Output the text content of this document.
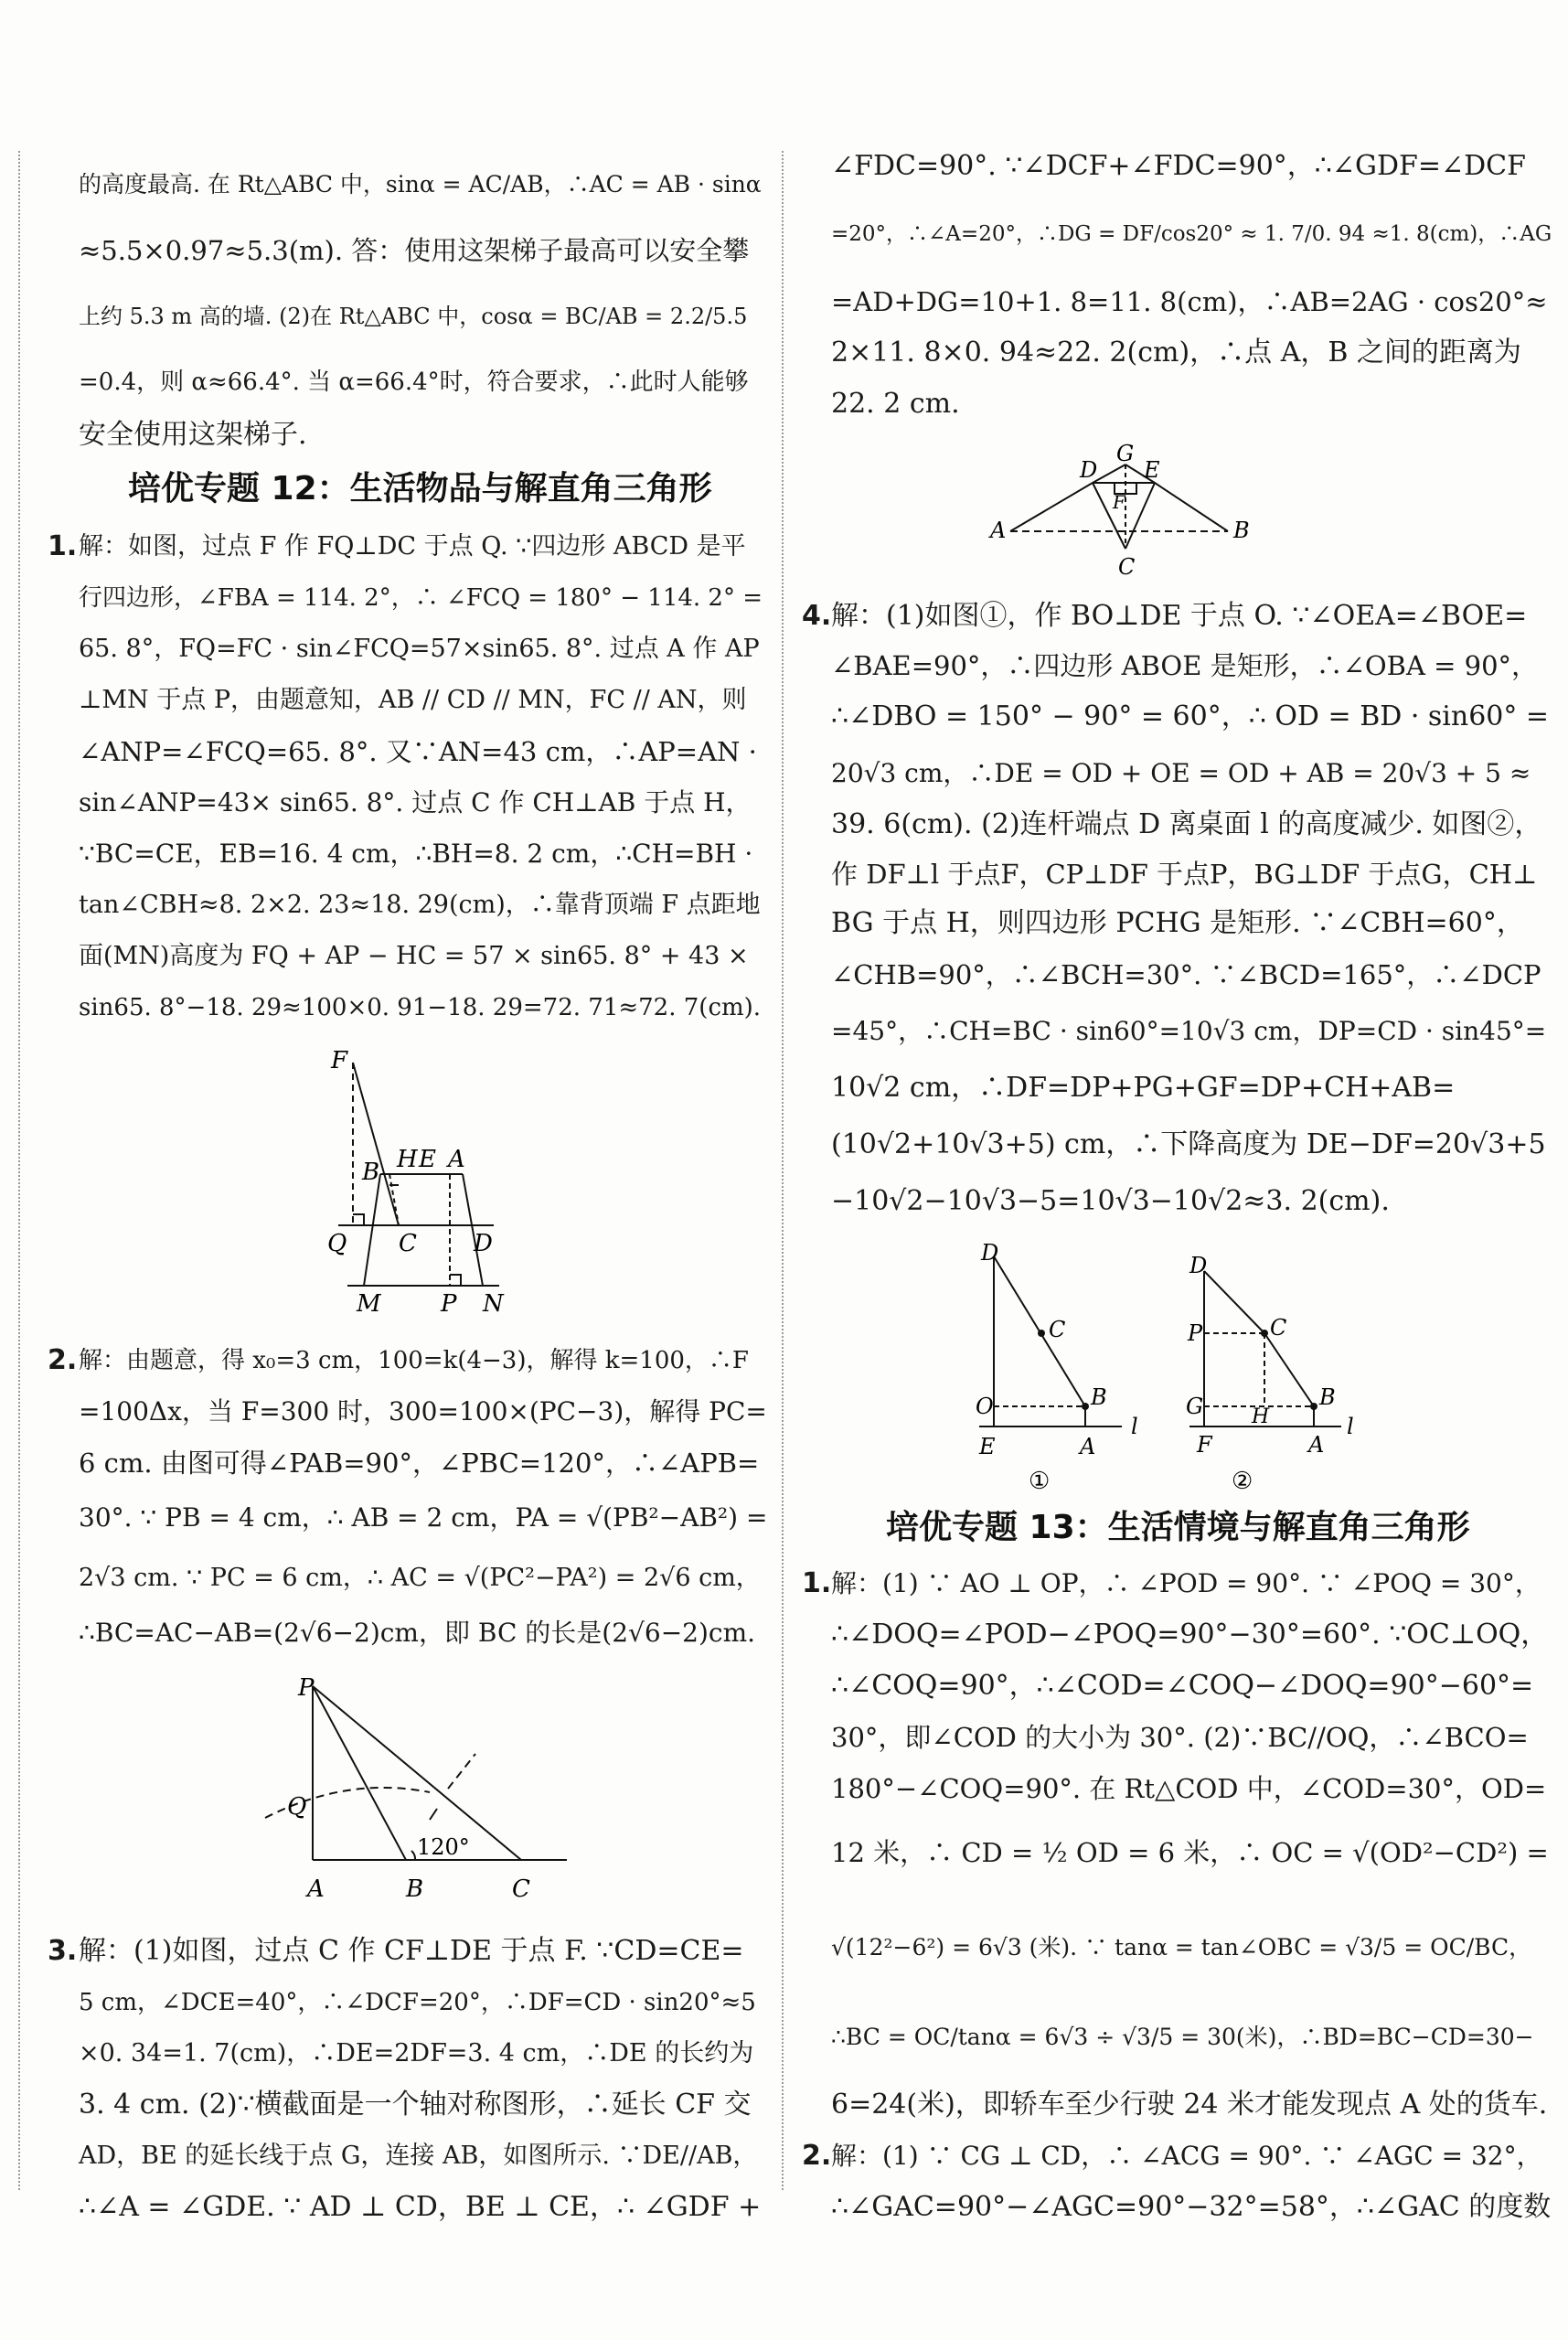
的高度最高. 在 Rt△ABC 中，sinα = AC/AB，∴AC = AB · sinα
≈5.5×0.97≈5.3(m). 答：使用这架梯子最高可以安全攀
上约 5.3 m 高的墙. (2)在 Rt△ABC 中，cosα = BC/AB = 2.2/5.5
=0.4，则 α≈66.4°. 当 α=66.4°时，符合要求，∴此时人能够
安全使用这架梯子.
培优专题 12：生活物品与解直角三角形
1. 解：如图，过点 F 作 FQ⊥DC 于点 Q. ∵四边形 ABCD 是平
行四边形，∠FBA = 114. 2°，∴ ∠FCQ = 180° − 114. 2° =
65. 8°，FQ=FC · sin∠FCQ=57×sin65. 8°. 过点 A 作 AP
⊥MN 于点 P，由题意知，AB // CD // MN，FC // AN，则
∠ANP=∠FCQ=65. 8°. 又∵AN=43 cm，∴AP=AN ·
sin∠ANP=43× sin65. 8°. 过点 C 作 CH⊥AB 于点 H，
∵BC=CE，EB=16. 4 cm，∴BH=8. 2 cm，∴CH=BH ·
tan∠CBH≈8. 2×2. 23≈18. 29(cm)，∴靠背顶端 F 点距地
面(MN)高度为 FQ + AP − HC = 57 × sin65. 8° + 43 ×
sin65. 8°−18. 29≈100×0. 91−18. 29=72. 71≈72. 7(cm).
F
B H E A
Q C D
M	P N
2. 解：由题意，得 x₀=3 cm，100=k(4−3)，解得 k=100，∴F
=100Δx，当 F=300 时，300=100×(PC−3)，解得 PC=
6 cm. 由图可得∠PAB=90°，∠PBC=120°，∴∠APB=
30°. ∵ PB = 4 cm，∴ AB = 2 cm，PA = √(PB²−AB²) =
2√3 cm. ∵ PC = 6 cm，∴ AC = √(PC²−PA²) = 2√6 cm，
∴BC=AC−AB=(2√6−2)cm，即 BC 的长是(2√6−2)cm.
P
Q
A	B	C
120°
3. 解：(1)如图，过点 C 作 CF⊥DE 于点 F. ∵CD=CE=
5 cm，∠DCE=40°，∴∠DCF=20°，∴DF=CD · sin20°≈5
×0. 34=1. 7(cm)，∴DE=2DF=3. 4 cm，∴DE 的长约为
3. 4 cm. (2)∵横截面是一个轴对称图形，∴延长 CF 交
AD，BE 的延长线于点 G，连接 AB，如图所示. ∵DE//AB，
∴∠A = ∠GDE. ∵ AD ⊥ CD，BE ⊥ CE，∴ ∠GDF +
∠FDC=90°. ∵∠DCF+∠FDC=90°，∴∠GDF=∠DCF
=20°，∴∠A=20°，∴DG = DF/cos20° ≈ 1. 7/0. 94 ≈1. 8(cm)，∴AG
=AD+DG=10+1. 8=11. 8(cm)，∴AB=2AG · cos20°≈
2×11. 8×0. 94≈22. 2(cm)，∴点 A，B 之间的距离为
22. 2 cm.
D
G
E
F
A	B
C
4. 解：(1)如图①，作 BO⊥DE 于点 O. ∵∠OEA=∠BOE=
∠BAE=90°，∴四边形 ABOE 是矩形，∴∠OBA = 90°，
∴∠DBO = 150° − 90° = 60°，∴ OD = BD · sin60° =
20√3 cm，∴DE = OD + OE = OD + AB = 20√3 + 5 ≈
39. 6(cm). (2)连杆端点 D 离桌面 l 的高度减少. 如图②，
作 DF⊥l 于点F，CP⊥DF 于点P，BG⊥DF 于点G，CH⊥
BG 于点 H，则四边形 PCHG 是矩形. ∵∠CBH=60°，
∠CHB=90°，∴∠BCH=30°. ∵∠BCD=165°，∴∠DCP
=45°，∴CH=BC · sin60°=10√3 cm，DP=CD · sin45°=
10√2 cm，∴DF=DP+PG+GF=DP+CH+AB=
(10√2+10√3+5) cm，∴下降高度为 DE−DF=20√3+5
−10√2−10√3−5=10√3−10√2≈3. 2(cm).
D
C
O	B
E	A
l
①
D
P	C
G H
B
F	A
l
②
培优专题 13：生活情境与解直角三角形
1. 解：(1) ∵ AO ⊥ OP，∴ ∠POD = 90°. ∵ ∠POQ = 30°，
∴∠DOQ=∠POD−∠POQ=90°−30°=60°. ∵OC⊥OQ，
∴∠COQ=90°，∴∠COD=∠COQ−∠DOQ=90°−60°=
30°，即∠COD 的大小为 30°. (2)∵BC//OQ，∴∠BCO=
180°−∠COQ=90°. 在 Rt△COD 中，∠COD=30°，OD=
12 米，∴ CD = ½ OD = 6 米，∴ OC = √(OD²−CD²) =
√(12²−6²) = 6√3 (米). ∵ tanα = tan∠OBC = √3/5 = OC/BC，
∴BC = OC/tanα = 6√3 ÷ √3/5 = 30(米)，∴BD=BC−CD=30−
6=24(米)，即轿车至少行驶 24 米才能发现点 A 处的货车.
2. 解：(1) ∵ CG ⊥ CD，∴ ∠ACG = 90°. ∵ ∠AGC = 32°，
∴∠GAC=90°−∠AGC=90°−32°=58°，∴∠GAC 的度数
